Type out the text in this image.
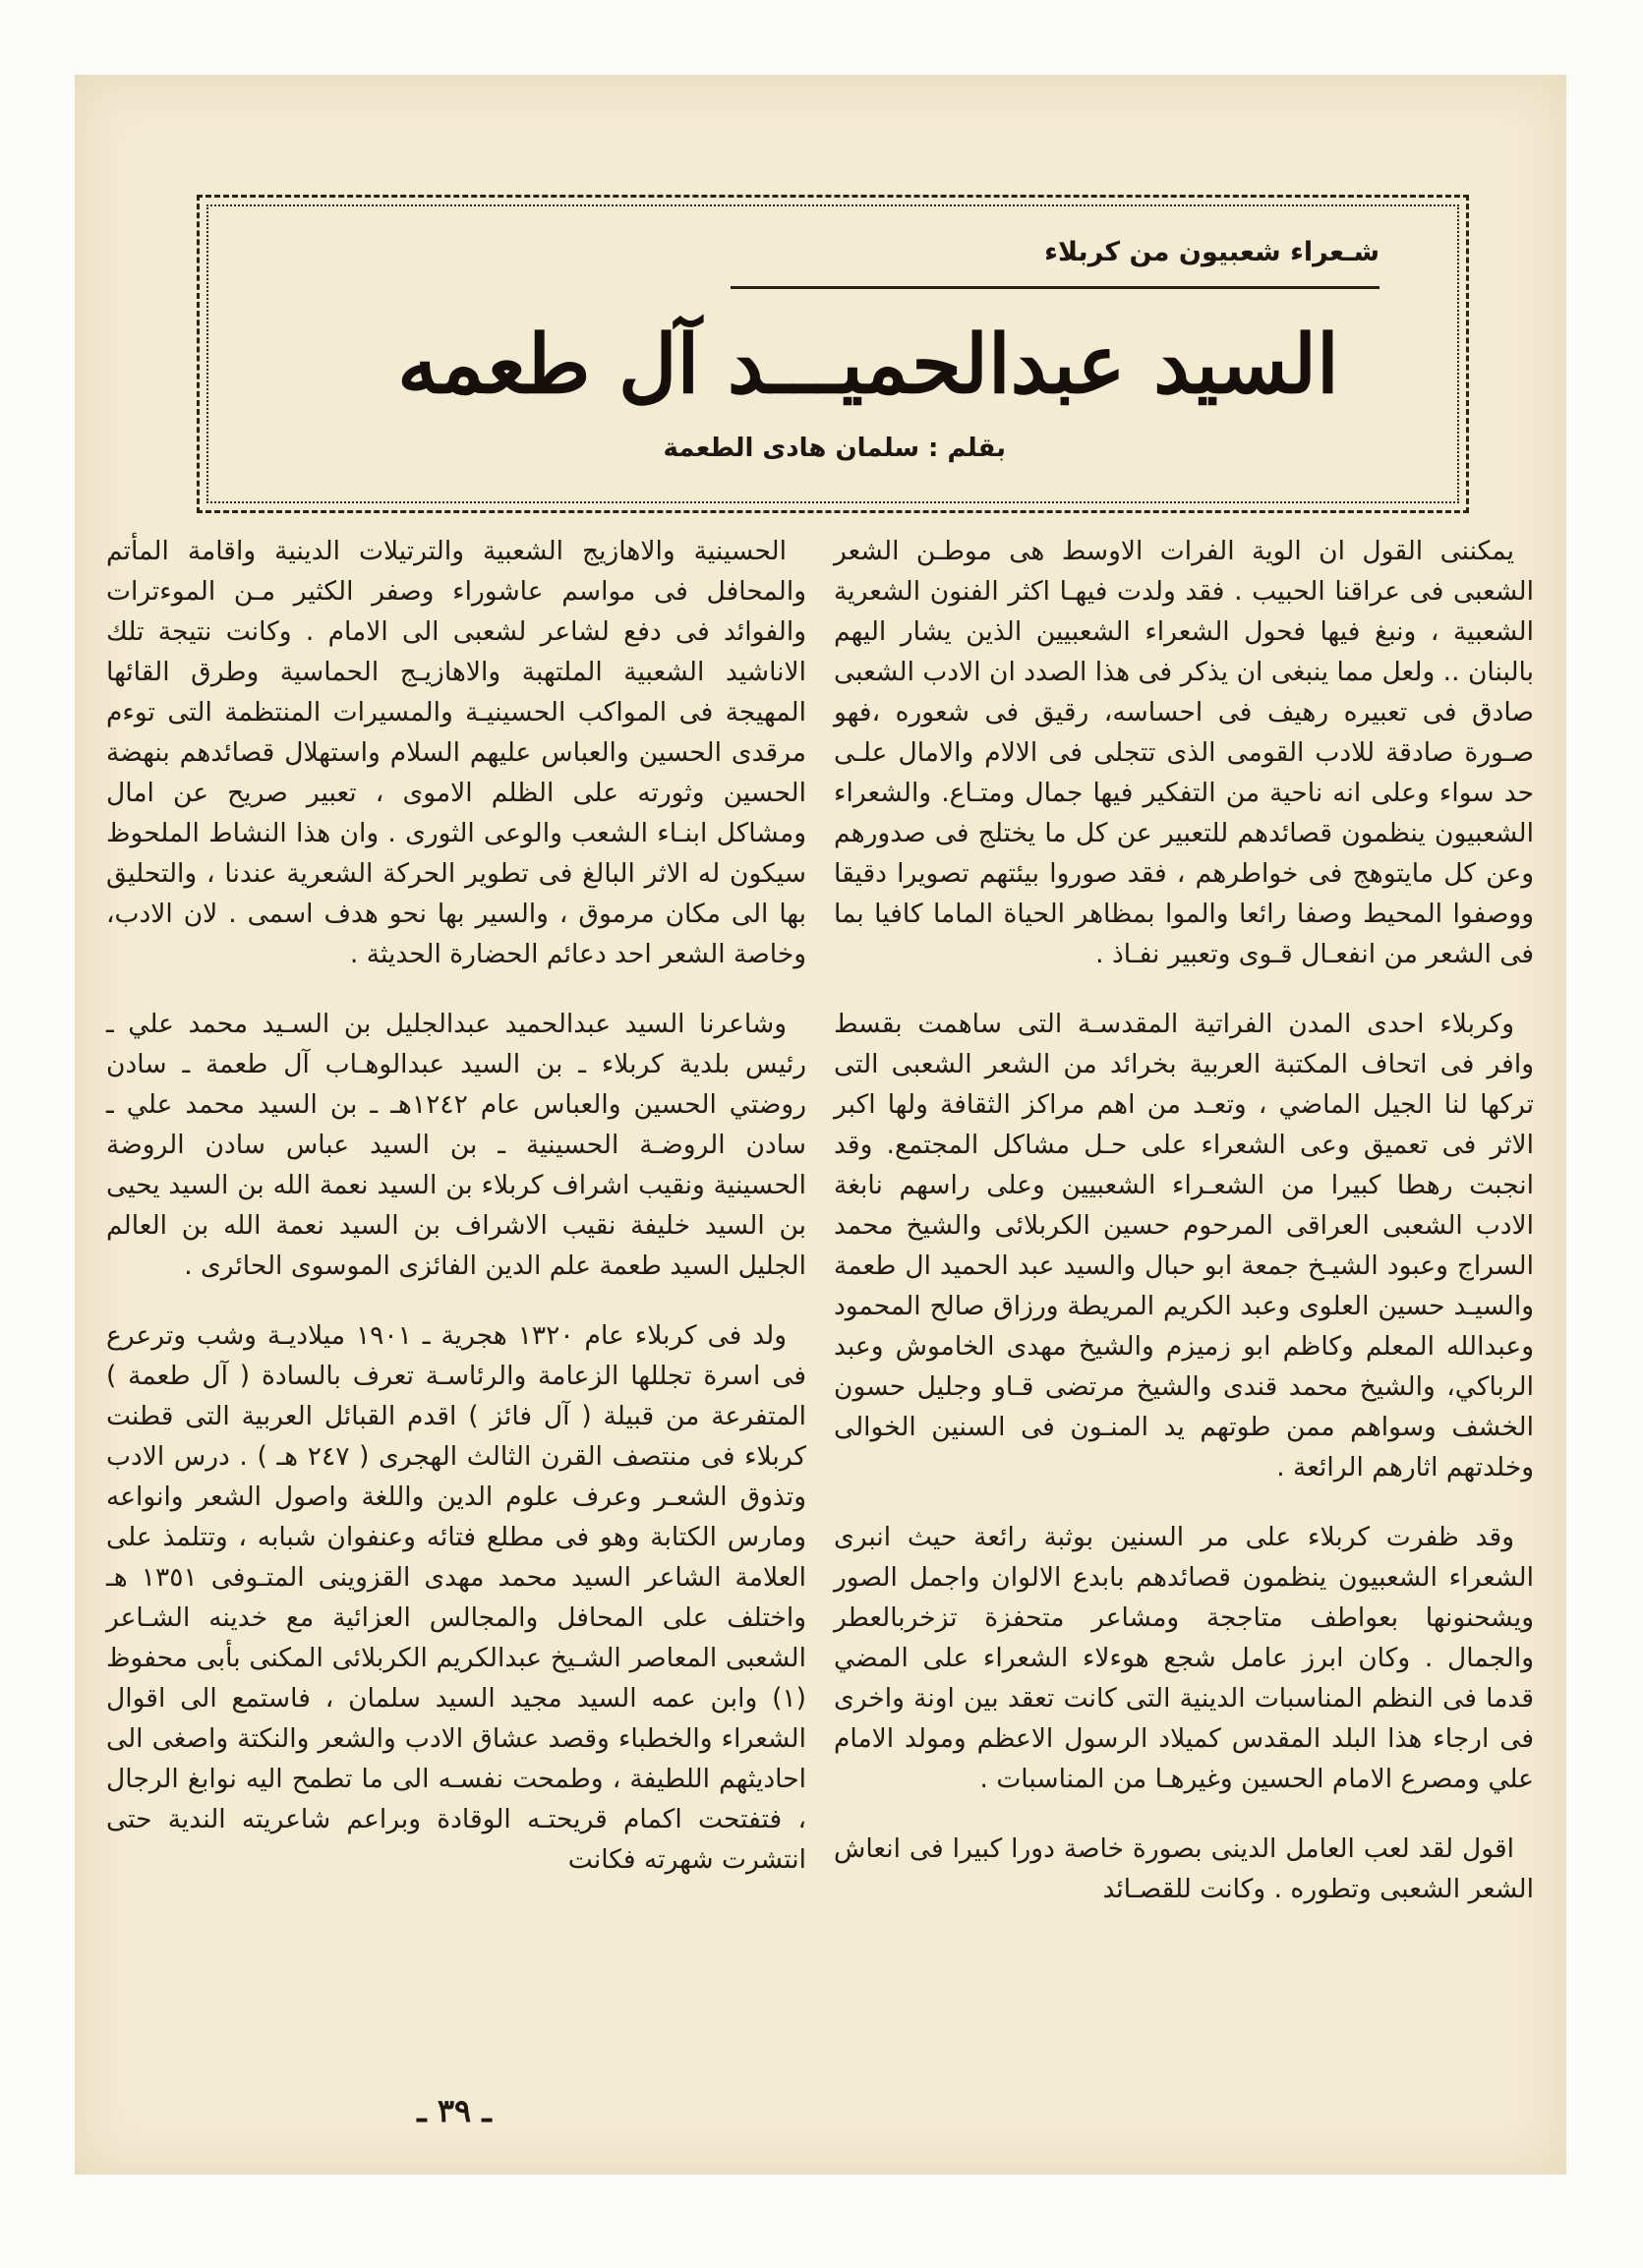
شـعراء شعبيون من كربلاء
السيد عبدالحميـــد آل طعمه
بقلم : سلمان هادى الطعمة

يمكننى القول ان الوية الفرات الاوسط هى موطـن الشعر الشعبى فى عراقنا الحبيب . فقد ولدت فيهـا اكثر الفنون الشعرية الشعبية ، ونبغ فيها فحول الشعراء الشعبيين الذين يشار اليهم بالبنان .. ولعل مما ينبغى ان يذكر فى هذا الصدد ان الادب الشعبى صادق فى تعبيره رهيف فى احساسه، رقيق فى شعوره ،فهو صـورة صادقة للادب القومى الذى تتجلى فى الالام والامال علـى حد سواء وعلى انه ناحية من التفكير فيها جمال ومتـاع. والشعراء الشعبيون ينظمون قصائدهم للتعبير عن كل ما يختلج فى صدورهم وعن كل مايتوهج فى خواطرهم ، فقد صوروا بيئتهم تصويرا دقيقا ووصفوا المحيط وصفا رائعا والموا بمظاهر الحياة الماما كافيا بما فى الشعر من انفعـال قـوى وتعبير نفـاذ .

وكربلاء احدى المدن الفراتية المقدسـة التى ساهمت بقسط وافر فى اتحاف المكتبة العربية بخرائد من الشعر الشعبى التى تركها لنا الجيل الماضي ، وتعـد من اهم مراكز الثقافة ولها اكبر الاثر فى تعميق وعى الشعراء على حـل مشاكل المجتمع. وقد انجبت رهطا كبيرا من الشعـراء الشعبيين وعلى راسهم نابغة الادب الشعبى العراقى المرحوم حسين الكربلائى والشيخ محمد السراج وعبود الشيـخ جمعة ابو حبال والسيد عبد الحميد ال طعمة والسيـد حسين العلوى وعبد الكريم المريطة ورزاق صالح المحمود وعبدالله المعلم وكاظم ابو زميزم والشيخ مهدى الخاموش وعبد الرباكي، والشيخ محمد قندى والشيخ مرتضى قـاو وجليل حسون الخشف وسواهم ممن طوتهم يد المنـون فى السنين الخوالى وخلدتهم اثارهم الرائعة .

وقد ظفرت كربلاء على مر السنين بوثبة رائعة حيث انبرى الشعراء الشعبيون ينظمون قصائدهم بابدع الالوان واجمل الصور ويشحنونها بعواطف متاججة ومشاعر متحفزة تزخربالعطر والجمال . وكان ابرز عامل شجع هوءلاء الشعراء على المضي قدما فى النظم المناسبات الدينية التى كانت تعقد بين اونة واخرى فى ارجاء هذا البلد المقدس كميلاد الرسول الاعظم ومولد الامام علي ومصرع الامام الحسين وغيرهـا من المناسبات .

اقول لقد لعب العامل الدينى بصورة خاصة دورا كبيرا فى انعاش الشعر الشعبى وتطوره . وكانت للقصـائد

الحسينية والاهازيج الشعبية والترتيلات الدينية واقامة المأتم والمحافل فى مواسم عاشوراء وصفر الكثير مـن الموءترات والفوائد فى دفع لشاعر لشعبى الى الامام . وكانت نتيجة تلك الاناشيد الشعبية الملتهبة والاهازيـج الحماسية وطرق القائها المهيجة فى المواكب الحسينيـة والمسيرات المنتظمة التى توءم مرقدى الحسين والعباس عليهم السلام واستهلال قصائدهم بنهضة الحسين وثورته على الظلم الاموى ، تعبير صريح عن امال ومشاكل ابنـاء الشعب والوعى الثورى . وان هذا النشاط الملحوظ سيكون له الاثر البالغ فى تطوير الحركة الشعرية عندنا ، والتحليق بها الى مكان مرموق ، والسير بها نحو هدف اسمى . لان الادب، وخاصة الشعر احد دعائم الحضارة الحديثة .

وشاعرنا السيد عبدالحميد عبدالجليل بن السـيد محمد علي ـ رئيس بلدية كربلاء ـ بن السيد عبدالوهـاب آل طعمة ـ سادن روضتي الحسين والعباس عام ١٢٤٢هـ ـ بن السيد محمد علي ـ سادن الروضـة الحسينية ـ بن السيد عباس سادن الروضة الحسينية ونقيب اشراف كربلاء بن السيد نعمة الله بن السيد يحيى بن السيد خليفة نقيب الاشراف بن السيد نعمة الله بن العالم الجليل السيد طعمة علم الدين الفائزى الموسوى الحائرى .

ولد فى كربلاء عام ١٣٢٠ هجرية ـ ١٩٠١ ميلاديـة وشب وترعرع فى اسرة تجللها الزعامة والرئاسـة تعرف بالسادة ( آل طعمة ) المتفرعة من قبيلة ( آل فائز ) اقدم القبائل العربية التى قطنت كربلاء فى منتصف القرن الثالث الهجرى ( ٢٤٧ هـ ) . درس الادب وتذوق الشعـر وعرف علوم الدين واللغة واصول الشعر وانواعه ومارس الكتابة وهو فى مطلع فتائه وعنفوان شبابه ، وتتلمذ على العلامة الشاعر السيد محمد مهدى القزوينى المتـوفى ١٣٥١ هـ واختلف على المحافل والمجالس العزائية مع خدينه الشـاعر الشعبى المعاصر الشـيخ عبدالكريم الكربلائى المكنى بأبى محفوظ (١) وابن عمه السيد مجيد السيد سلمان ، فاستمع الى اقوال الشعراء والخطباء وقصد عشاق الادب والشعر والنكتة واصغى الى احاديثهم اللطيفة ، وطمحت نفسـه الى ما تطمح اليه نوابغ الرجال ، فتفتحت اكمام قريحتـه الوقادة وبراعم شاعريته الندية حتى انتشرت شهرته فكانت

ـ ٣٩ ـ
